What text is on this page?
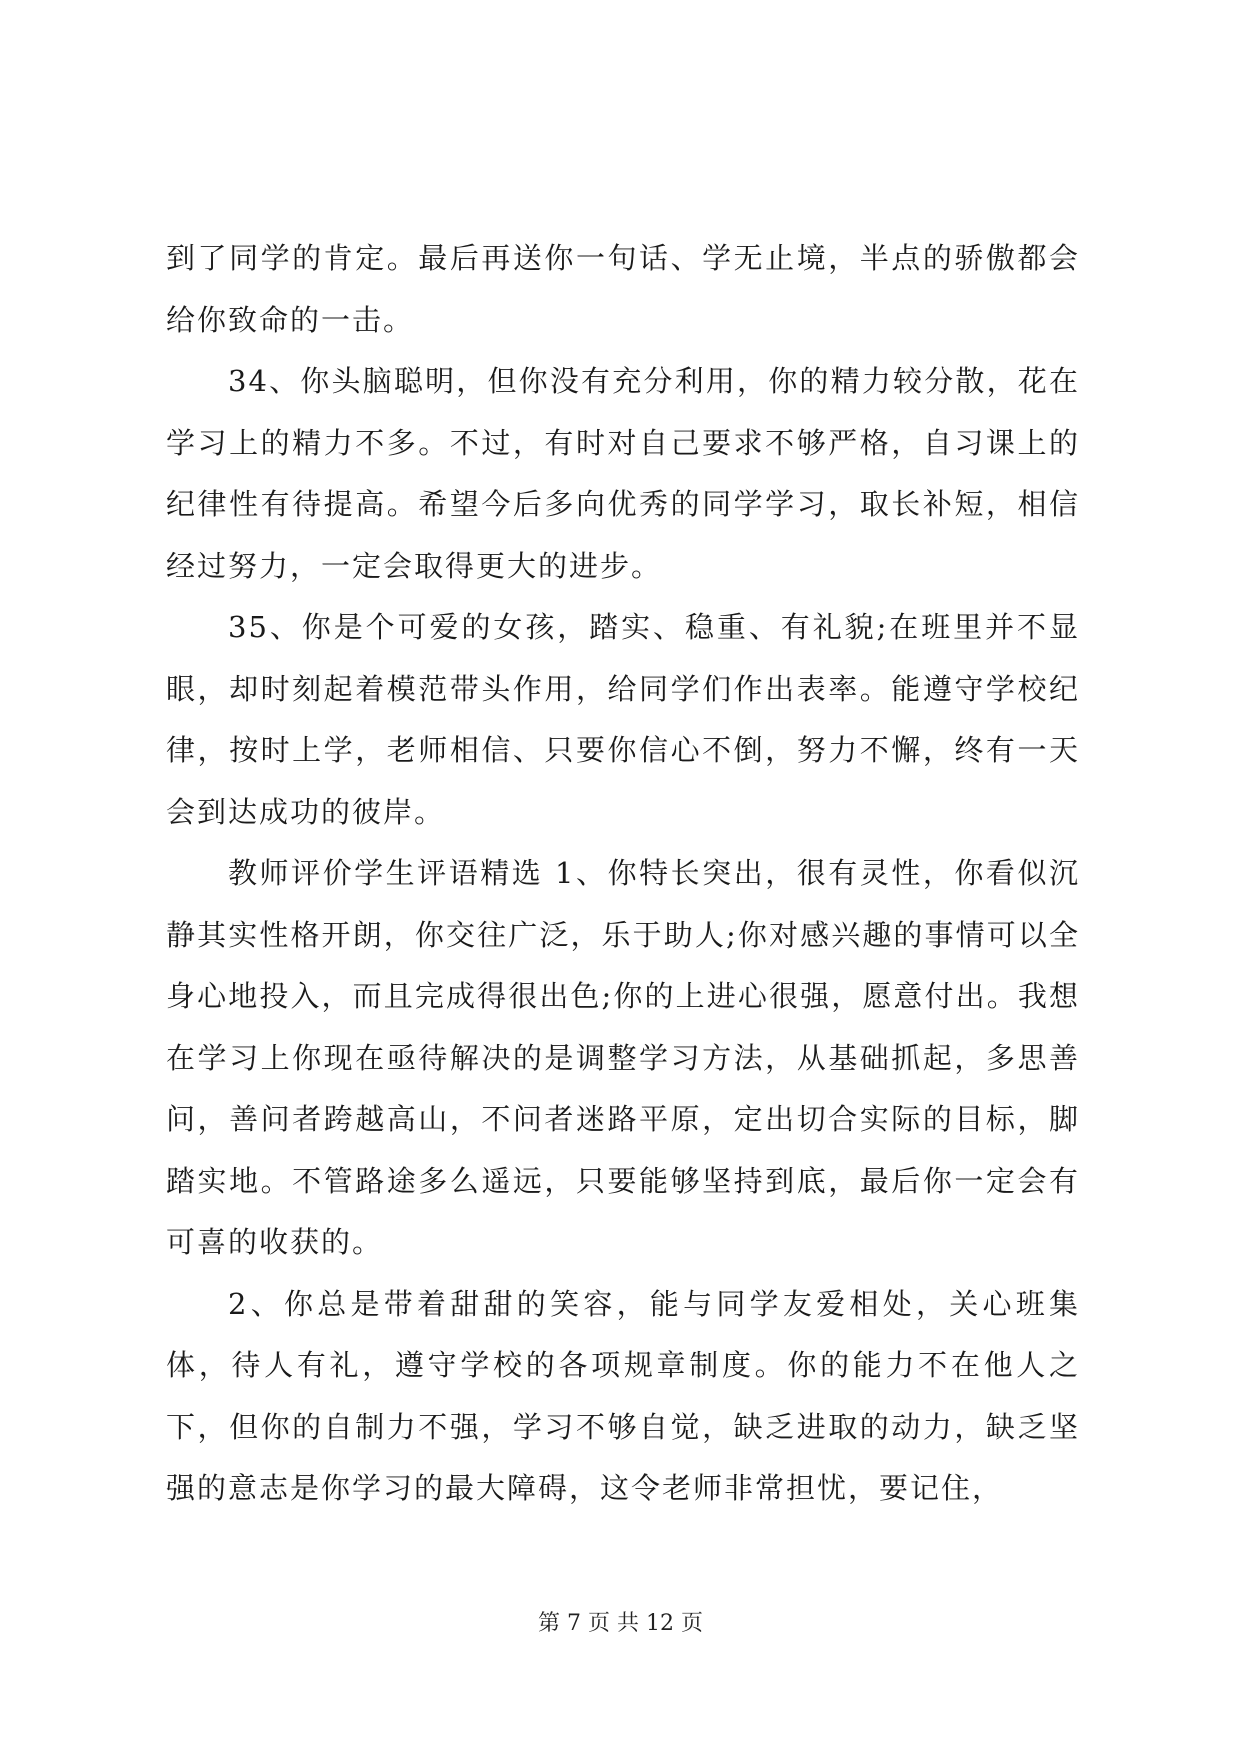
到了同学的肯定。最后再送你一句话、学无止境，半点的骄傲都会给你致命的一击。

34、你头脑聪明，但你没有充分利用，你的精力较分散，花在学习上的精力不多。不过，有时对自己要求不够严格，自习课上的纪律性有待提高。希望今后多向优秀的同学学习，取长补短，相信经过努力，一定会取得更大的进步。

35、你是个可爱的女孩，踏实、稳重、有礼貌;在班里并不显眼，却时刻起着模范带头作用，给同学们作出表率。能遵守学校纪律，按时上学，老师相信、只要你信心不倒，努力不懈，终有一天会到达成功的彼岸。

教师评价学生评语精选 1、你特长突出，很有灵性，你看似沉静其实性格开朗，你交往广泛，乐于助人;你对感兴趣的事情可以全身心地投入，而且完成得很出色;你的上进心很强，愿意付出。我想在学习上你现在亟待解决的是调整学习方法，从基础抓起，多思善问，善问者跨越高山，不问者迷路平原，定出切合实际的目标，脚踏实地。不管路途多么遥远，只要能够坚持到底，最后你一定会有可喜的收获的。

2、你总是带着甜甜的笑容，能与同学友爱相处，关心班集体，待人有礼，遵守学校的各项规章制度。你的能力不在他人之下，但你的自制力不强，学习不够自觉，缺乏进取的动力，缺乏坚强的意志是你学习的最大障碍，这令老师非常担忧，要记住，

第 7 页 共 12 页
